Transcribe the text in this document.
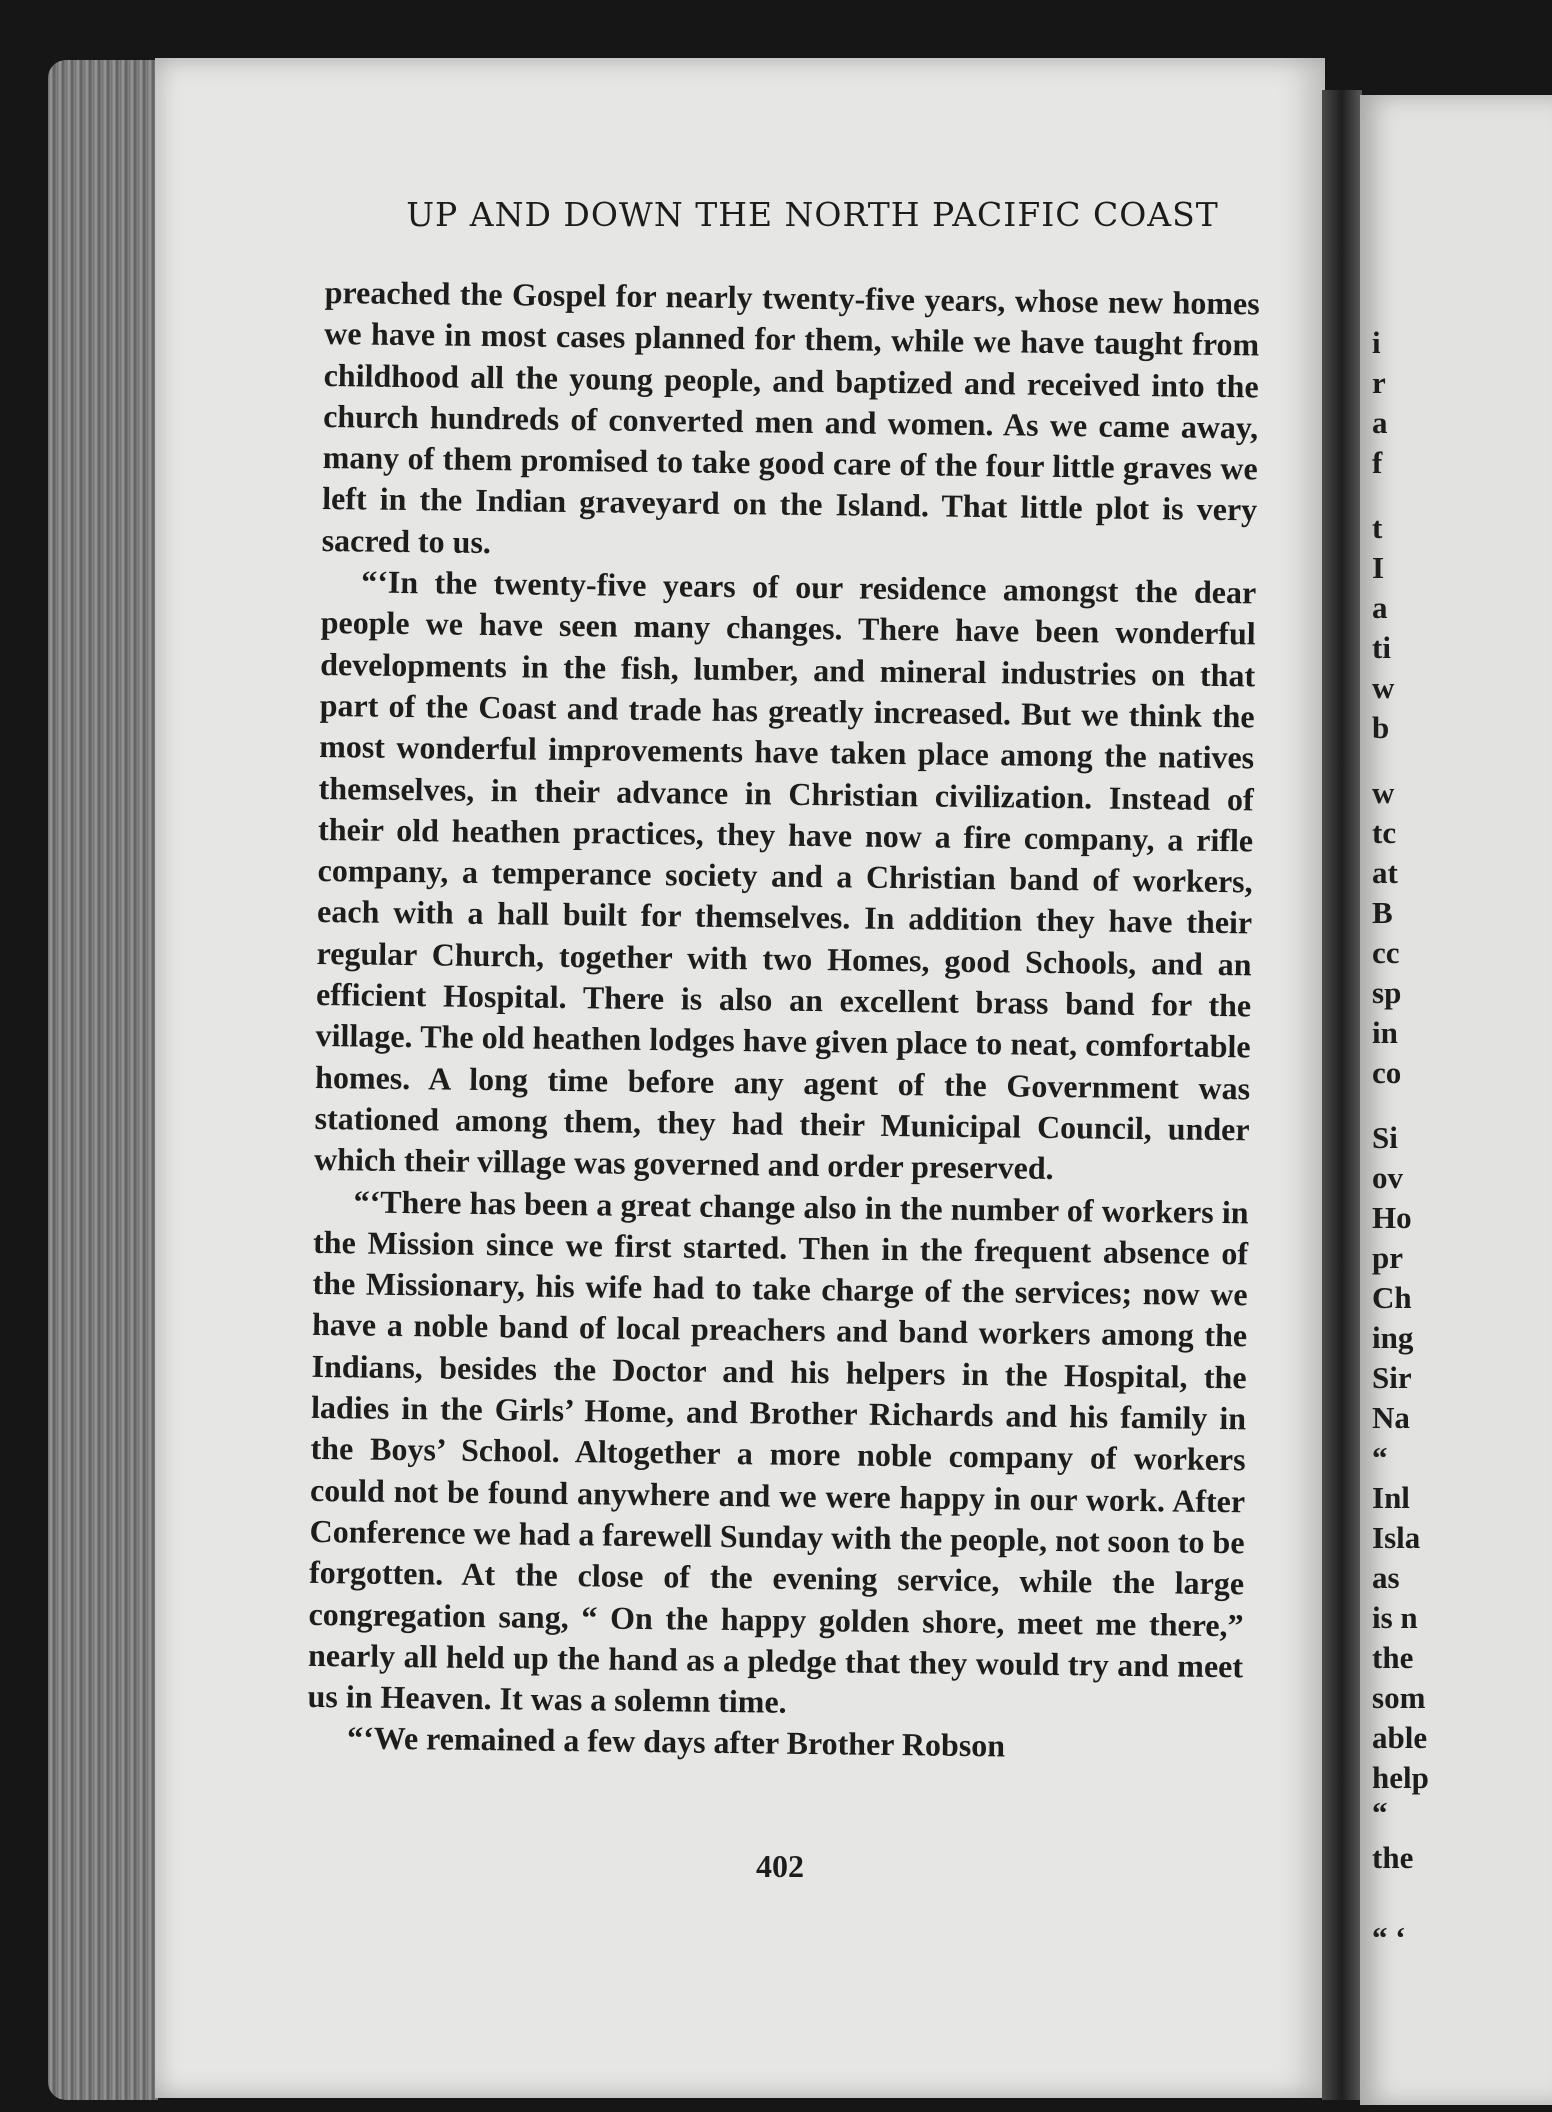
UP AND DOWN THE NORTH PACIFIC COAST

preached the Gospel for nearly twenty-five years, whose new homes we have in most cases planned for them, while we have taught from childhood all the young people, and baptized and received into the church hundreds of converted men and women. As we came away, many of them promised to take good care of the four little graves we left in the Indian graveyard on the Island. That little plot is very sacred to us.

“‘In the twenty-five years of our residence amongst the dear people we have seen many changes. There have been wonderful developments in the fish, lumber, and mineral industries on that part of the Coast and trade has greatly increased. But we think the most wonderful improvements have taken place among the natives themselves, in their advance in Christian civilization. Instead of their old heathen practices, they have now a fire company, a rifle company, a temperance society and a Christian band of workers, each with a hall built for themselves. In addition they have their regular Church, together with two Homes, good Schools, and an efficient Hospital. There is also an excellent brass band for the village. The old heathen lodges have given place to neat, comfortable homes. A long time before any agent of the Government was stationed among them, they had their Municipal Council, under which their village was governed and order preserved.

“‘There has been a great change also in the number of workers in the Mission since we first started. Then in the frequent absence of the Missionary, his wife had to take charge of the services; now we have a noble band of local preachers and band workers among the Indians, besides the Doctor and his helpers in the Hospital, the ladies in the Girls’ Home, and Brother Richards and his family in the Boys’ School. Altogether a more noble company of workers could not be found anywhere and we were happy in our work. After Conference we had a farewell Sunday with the people, not soon to be forgotten. At the close of the evening service, while the large congregation sang, “ On the happy golden shore, meet me there,” nearly all held up the hand as a pledge that they would try and meet us in Heaven. It was a solemn time.

“‘We remained a few days after Brother Robson

402
i
r
a
f
t
I
a
ti
w
b
w
tc
at
B
cc
sp
in
co
Si
ov
Ho
pr
Ch
ing
Sir
Na
“
Inl
Isla
as
is n
the
som
able
help
“
the
“ ‘
